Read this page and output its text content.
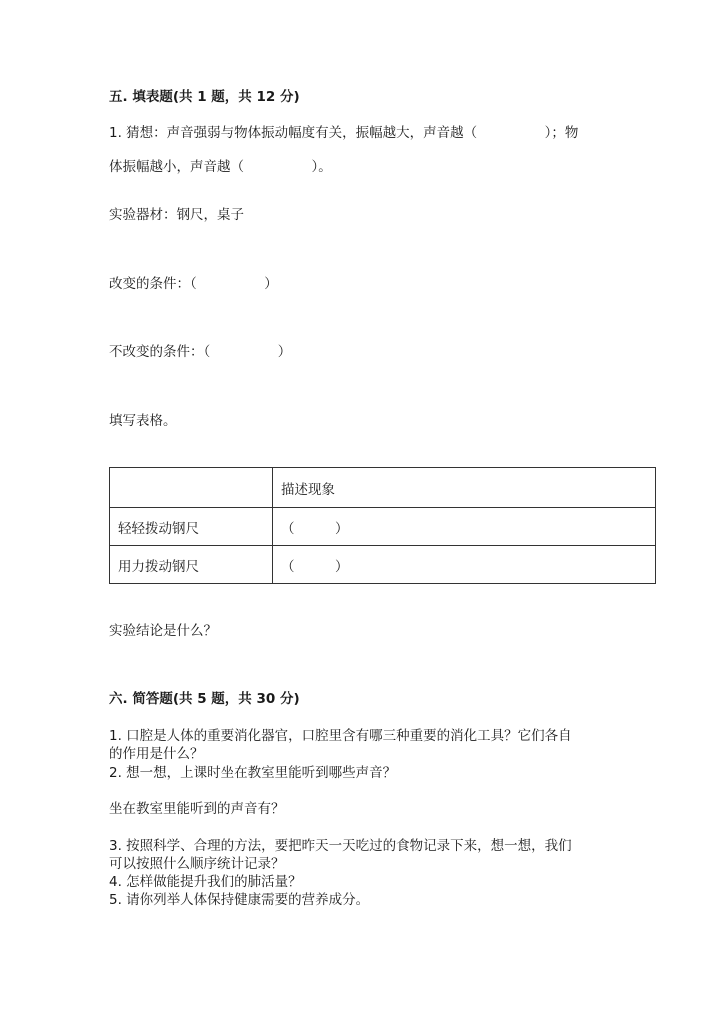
五. 填表题(共 1 题，共 12 分)
1. 猜想：声音强弱与物体振动幅度有关，振幅越大，声音越（　　　　　）；物
体振幅越小，声音越（　　　　　）。
实验器材：钢尺，桌子
改变的条件：（　　　　　）
不改变的条件：（　　　　　）
填写表格。
	描述现象
轻轻拨动钢尺	（　　　）
用力拨动钢尺	（　　　）
实验结论是什么？
六. 简答题(共 5 题，共 30 分)
1. 口腔是人体的重要消化器官，口腔里含有哪三种重要的消化工具？它们各自
的作用是什么？
2. 想一想，上课时坐在教室里能听到哪些声音？
坐在教室里能听到的声音有？
3. 按照科学、合理的方法，要把昨天一天吃过的食物记录下来，想一想，我们
可以按照什么顺序统计记录？
4. 怎样做能提升我们的肺活量？
5. 请你列举人体保持健康需要的营养成分。
